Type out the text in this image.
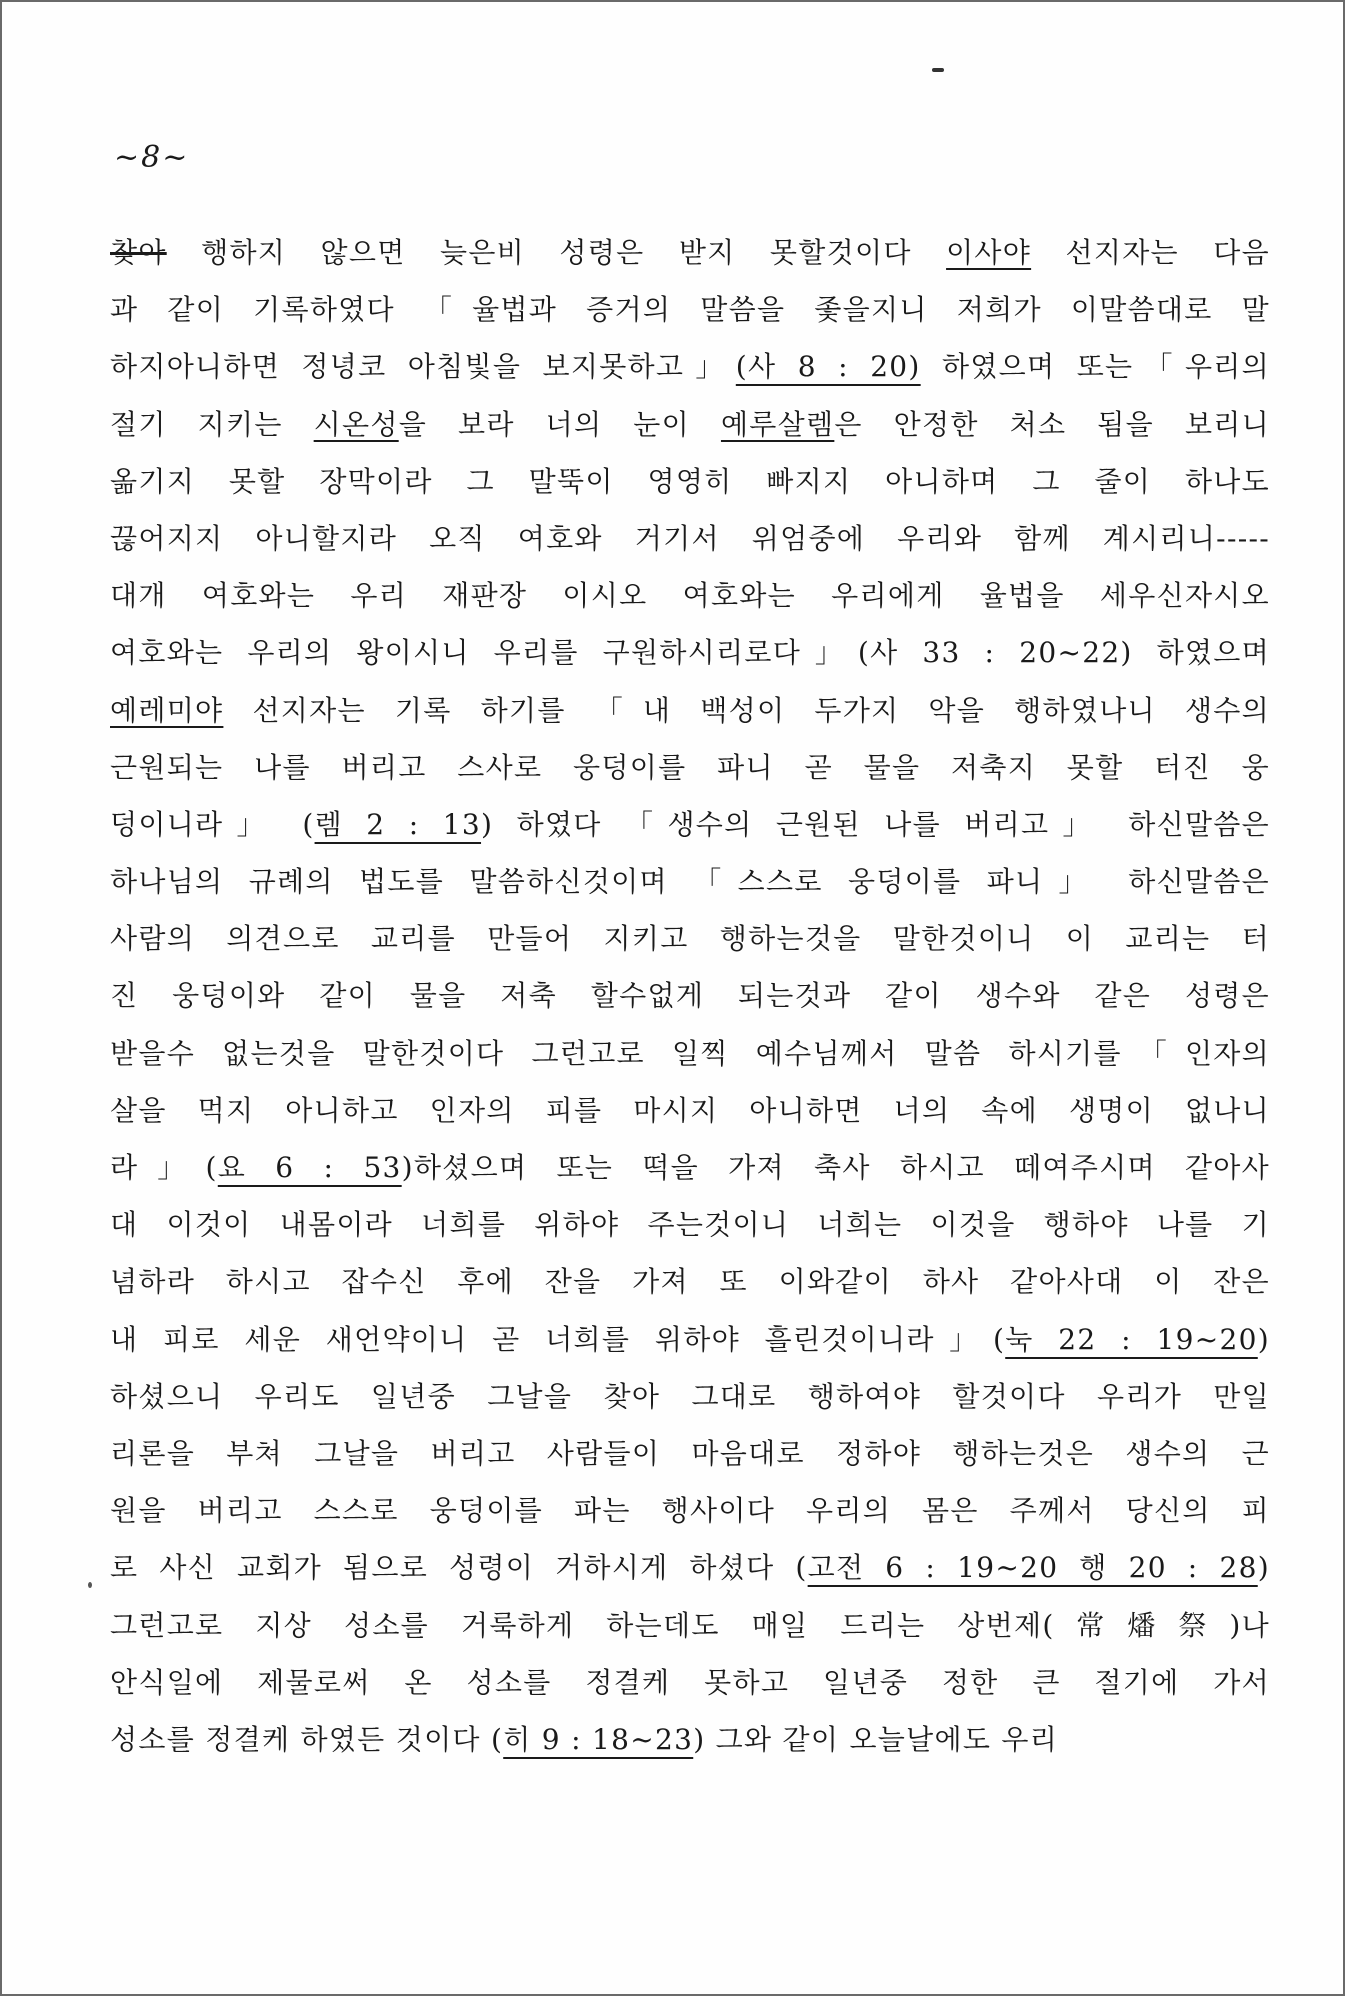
~8~
찾아 행하지 않으면 늦은비 성령은 받지 못할것이다 이사야 선지자는 다음
과 같이 기록하였다 「율법과 증거의 말씀을 좇을지니 저희가 이말씀대로 말
하지아니하면 정녕코 아침빛을 보지못하고」(사 8 : 20) 하였으며 또는「우리의
절기 지키는 시온성을 보라 너의 눈이 예루살렘은 안정한 처소 됨을 보리니
옮기지 못할 장막이라 그 말뚝이 영영히 빠지지 아니하며 그 줄이 하나도
끊어지지 아니할지라 오직 여호와 거기서 위엄중에 우리와 함께 계시리니-----
대개 여호와는 우리 재판장 이시오 여호와는 우리에게 율법을 세우신자시오
여호와는 우리의 왕이시니 우리를 구원하시리로다」(사 33 : 20~22) 하였으며
예레미야 선지자는 기록 하기를 「내 백성이 두가지 악을 행하였나니 생수의
근원되는 나를 버리고 스사로 웅덩이를 파니 곧 물을 저축지 못할 터진 웅
덩이니라」 (렘 2 : 13) 하였다 「생수의 근원된 나를 버리고」 하신말씀은
하나님의 규례의 법도를 말씀하신것이며 「스스로 웅덩이를 파니」 하신말씀은
사람의 의견으로 교리를 만들어 지키고 행하는것을 말한것이니 이 교리는 터
진 웅덩이와 같이 물을 저축 할수없게 되는것과 같이 생수와 같은 성령은
받을수 없는것을 말한것이다 그런고로 일찍 예수님께서 말씀 하시기를「인자의
살을 먹지 아니하고 인자의 피를 마시지 아니하면 너의 속에 생명이 없나니
라」(요 6 : 53)하셨으며 또는 떡을 가져 축사 하시고 떼여주시며 같아사
대 이것이 내몸이라 너희를 위하야 주는것이니 너희는 이것을 행하야 나를 기
념하라 하시고 잡수신 후에 잔을 가져 또 이와같이 하사 같아사대 이 잔은
내 피로 세운 새언약이니 곧 너희를 위하야 흘린것이니라」(눅 22 : 19~20)
하셨으니 우리도 일년중 그날을 찾아 그대로 행하여야 할것이다 우리가 만일
리론을 부쳐 그날을 버리고 사람들이 마음대로 정하야 행하는것은 생수의 근
원을 버리고 스스로 웅덩이를 파는 행사이다 우리의 몸은 주께서 당신의 피
로 사신 교회가 됨으로 성령이 거하시게 하셨다 (고전 6 : 19~20 행 20 : 28)
그런고로 지상 성소를 거룩하게 하는데도 매일 드리는 상번제(常燔祭)나
안식일에 제물로써 온 성소를 정결케 못하고 일년중 정한 큰 절기에 가서
성소를 정결케 하였든 것이다 (히 9 : 18~23) 그와 같이 오늘날에도 우리
